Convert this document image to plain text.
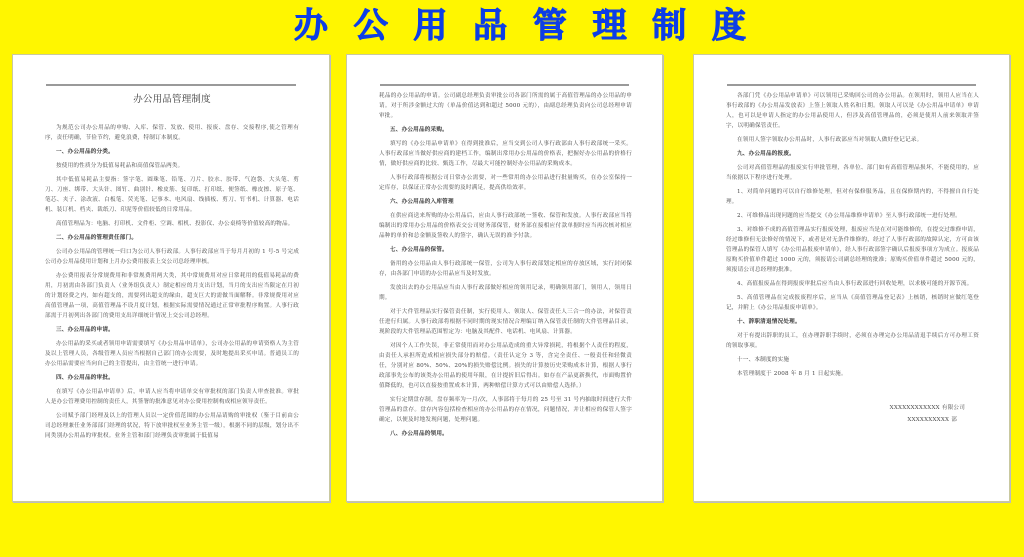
办 公 用 品 管 理 制 度
办公用品管理制度

为规范公司办公用品的申购、入库、保管、发放、使用、报废、盘存、交接程序,使之管理有序，责任明确，节俭节约，避免浪费，特制订本制度。

一、办公用品的分类。

按使用的性质分为低值易耗品和高值保管品两类。

其中低值易耗品主要指：签字笔、圆珠笔、铅笔、刀片、胶水、胶带、气泡袋、大头笔、剪刀、刀座、绑带、大头针、图钉、曲别针、橡皮筋、复印纸、打印纸、便签纸、橡皮擦、原子笔、笔芯、夹子、涂改液、白板笔、荧光笔、记事本、电风扇、线插板、剪刀、钉书机、计算器、电话机、装订机、档夹、裁纸刀、印泥等价值较低的日常用品。

高值管理品为：电脑、打印机、文件柜、空调、相机、投影仪、办公桌椅等价值较高的物品。

二、办公用品的管理责任部门。

公司办公用品的管理统一归口为公司人事行政部。人事行政部应当于每月月初的 1 号-5 号完成公司办公用品使用计划和上月办公费用报表上交公司总经理审核。

办公费用报表分常规费用和非常规费用两大类，其中常规费用对应日常耗用的低值易耗品的费用，月初需由各部门负责人（业务组负责人）制定相应的月支出计划，当月的支出应当限定在月初的计划经费之内，如有超支的，需要列出超支的缘由，超支巨大的需做当面解释。非常规费用对应高值管理品一项，高值管理品不设月度计划，根据实际需要情况通过正常审批程序购置。人事行政部需于月初列出各部门的费用支出详细统计情况上交公司总经理。

三、办公用品的申请。

办公用品的采买或者领用申请需要填写《办公用品申请单》，公司办公用品的申请资格人为主管及以上管理人员，各级管理人员应当根据自己部门的办公需要，及时地提出采买申请。普通员工的办公用品需要应当向自己的主管提出，由主管统一进行申请。

四、办公用品的审批。

在填写《办公用品申请单》后，申请人应当将申请单交有审批权的部门负责人审查批准。审批人是办公管理费用控制的责任人，其签署的批准意见对办公费用控制构成相应领导责任。

公司赋予部门经理及以上的管理人员以一定价值范围的办公用品请购的审批权（鉴于目前由公司总经理兼任业务部部门经理的状况，特下放审批权至业务主管一级），根据不同的层级，划分出不同类别办公用品的审批权。业务主管和部门经理负责审批属于低值易

耗品的办公用品的申请。公司副总经理负责审批公司各部门所需的属于高值管理品的办公用品的申请。对于所涉金额过大的（单品价值达到和超过 5000 元的），由副总经理负责向公司总经理申请审批。

五、办公用品的采购。

填写的《办公用品申请单》在得到批准后，应当交到公司人事行政部由人事行政部统一采买。人事行政部应当做好供应商的建档工作，编制出常用办公用品的价格表，把握好办公用品的价格行情，做好供应商的比较、甄选工作，尽最大可能控制好办公用品的采购成本。

人事行政部将根据公司日常办公需要，对一些常用的办公用品进行批量购买，在办公室保持一定库存，以保证正常办公需要的及时满足，提高供给效率。

六、办公用品的入库管理

在供应商送来所购的办公用品后，应由人事行政部统一签收、保管和发放。人事行政部应当将编制出的常用办公用品的价格表交公司财务部保管，财务部在接相应付款单据时应当再次核对相应品种的单价和总金额及签收人的签字，确认无误的准予付款。

七、办公用品的保管。

备用的办公用品由人事行政部统一保管，公司为人事行政部划定相应的存放区域，实行封闭保存，由各部门申请的办公用品应当及时发放。

发放出去的办公用品应当由人事行政部做好相应的领用记录，明确领用部门，领用人，领用日期。

对于大件管理品实行保管责任制，实行使用人、领取人、保管责任人三合一的办法，对保管责任进行归属。人事行政部将根据不同时期的现实情况合理编订纳入保管责任制的大件管理品目录，现阶段的大件管理品范围暂定为：电脑及其配件、电话机、电风扇、计算器。

对因个人工作失误，非正常使用而对办公用品造成的重大异常损耗，将根据个人责任的程度，由责任人承担所造成相应损失部分的赔偿。（责任认定分 3 等，含完全责任、一般责任和轻微责任，分别对应 80%、50%、20%的损失赔偿比例。损失的计算按历史采购成本计算，根据人事行政部事先公布的该类办公用品的使用年限，在计提折旧后得出。如存在产品更新换代，市面购置价值降低的，也可以直接按重置成本计算，两种赔偿计算方式可以由赔偿人选择。）

实行定期盘存制，盘存频率为一月/次，人事部将于每月的 25 号至 31 号内抽取时间进行大件管理品的盘存。盘存内容包括检查相应的办公用品的存在情况，问题情况，并让相应的保管人签字确定，以便及时地发现问题，处理问题。

八、办公用品的领用。

各部门凭《办公用品申请单》可以领用已采购回公司的办公用品。在领用时，领用人应当在人事行政部的《办公用品发放表》上签上领取人姓名和日期。领取人可以是《办公用品申请单》申请人，也可以是申请人指定的办公用品使用人，但涉及高值管理品的，必须是使用人前来领取并签字，以明确保管责任。

在领用人签字领取办公用品时，人事行政部应当对领取人做好登记记录。

九、办公用品的报废。

公司对高值管理品的报废实行审批管理，各单位、部门如有高值管理品损坏，不能使用的，应当依据以下程序进行处理。

1、对简单问题的可以自行维修处理，但对有保修服务品，且在保修期内的，不得擅自自行处理。

2、可维修品出现问题的应当提交《办公用品维修申请单》至人事行政部统一进行处理。

3、对维修不成的高值管理品实行报废处理，报废应当是在对可能维修的，在提交过维修申请，经过维修但无法修好的情况下，或者是对无条件维修的，经过了人事行政部的故障认定，方可由该管理品的保管人填写《办公用品报废申请单》，经人事行政部签字确认后报废事项方为成立。报废品原购买价值单件超过 1000 元的，须报请公司副总经理的批准；原购买价值单件超过 5000 元的，须报请公司总经理的批准。

4、高值报废品在得到报废审批后应当由人事行政部进行回收处理，以求极可能的开源节流。

5、高值管理品在完成报废程序后，应当从《高值管理品登记表》上核销，核销时应做红笔登记，并附上《办公用品报废申请单》。

十、辞职清退情况处理。

对于有提出辞职的员工，在办理辞职手续时，必须在办理完办公用品清退手续后方可办理工资的领取事项。

十一、本制度的实施

本管理制度于 2008 年 8 月 1 日起实施。

XXXXXXXXXXXX 有限公司

XXXXXXXXXX 部
